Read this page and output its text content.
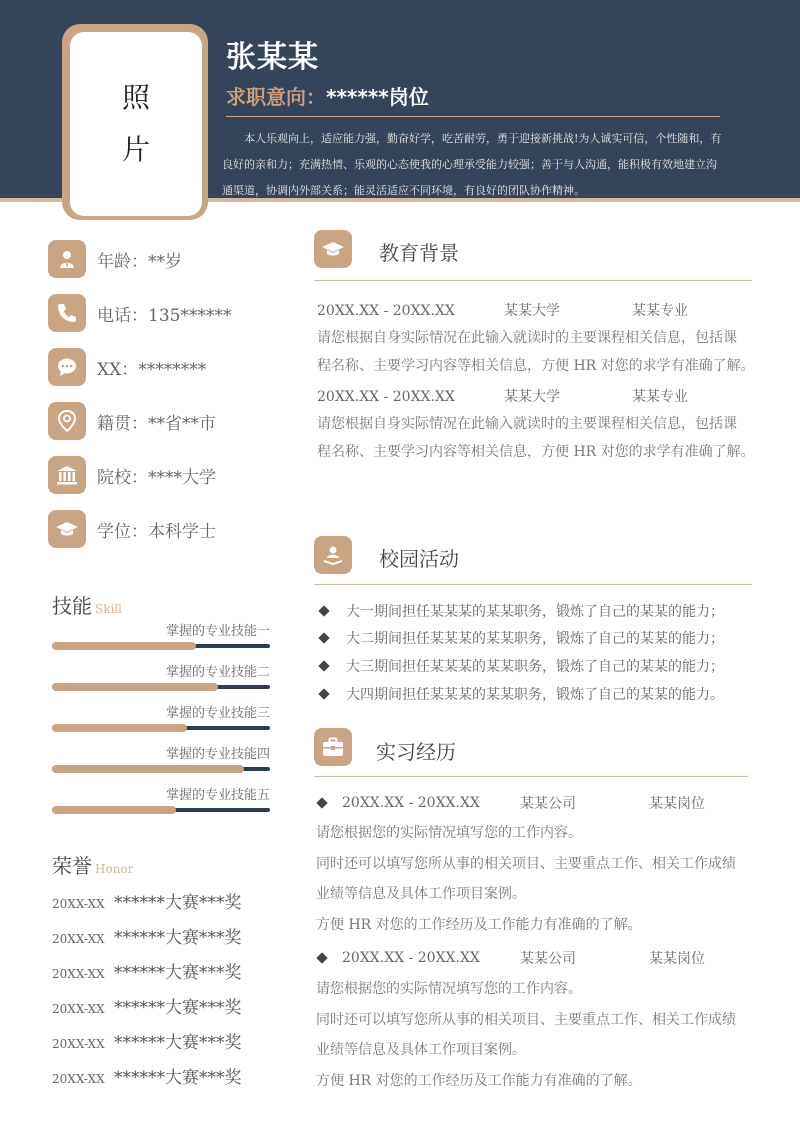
照
片
张某某
求职意向：******岗位
本人乐观向上，适应能力强，勤奋好学，吃苦耐劳，勇于迎接新挑战!为人诚实可信，个性随和，有良好的亲和力；充满热情、乐观的心态使我的心理承受能力较强；善于与人沟通，能积极有效地建立沟通渠道，协调内外部关系；能灵活适应不同环境，有良好的团队协作精神。
年龄：**岁
电话：135******
XX：********
籍贯：**省**市
院校：****大学
学位：本科学士
技能 Skill
掌握的专业技能一
掌握的专业技能二
掌握的专业技能三
掌握的专业技能四
掌握的专业技能五
荣誉 Honor
20XX-XX ******大赛***奖
20XX-XX ******大赛***奖
20XX-XX ******大赛***奖
20XX-XX ******大赛***奖
20XX-XX ******大赛***奖
20XX-XX ******大赛***奖
教育背景
20XX.XX - 20XX.XX	某某大学	某某专业
请您根据自身实际情况在此输入就读时的主要课程相关信息，包括课
程名称、主要学习内容等相关信息，方便 HR 对您的求学有准确了解。
20XX.XX - 20XX.XX	某某大学	某某专业
请您根据自身实际情况在此输入就读时的主要课程相关信息，包括课
程名称、主要学习内容等相关信息，方便 HR 对您的求学有准确了解。
校园活动
大一期间担任某某某的某某职务，锻炼了自己的某某的能力；
大二期间担任某某某的某某职务，锻炼了自己的某某的能力；
大三期间担任某某某的某某职务，锻炼了自己的某某的能力；
大四期间担任某某某的某某职务，锻炼了自己的某某的能力。
实习经历
20XX.XX - 20XX.XX	某某公司	某某岗位
请您根据您的实际情况填写您的工作内容。
同时还可以填写您所从事的相关项目、主要重点工作、相关工作成绩
业绩等信息及具体工作项目案例。
方便 HR 对您的工作经历及工作能力有准确的了解。
20XX.XX - 20XX.XX	某某公司	某某岗位
请您根据您的实际情况填写您的工作内容。
同时还可以填写您所从事的相关项目、主要重点工作、相关工作成绩
业绩等信息及具体工作项目案例。
方便 HR 对您的工作经历及工作能力有准确的了解。
